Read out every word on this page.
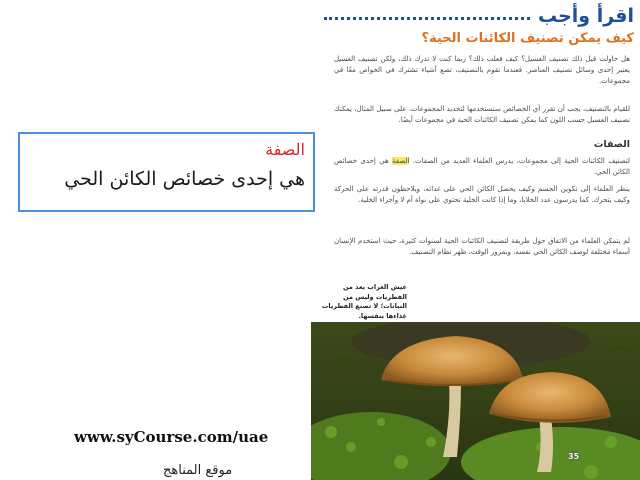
اقرأ وأجب
كيف يمكن تصنيف الكائنات الحية؟
هل حاولت قبل ذلك تصنيف الغسيل؟ كيف فعلت ذلك؟ ربما كنت لا تدرك ذلك، ولكن تصنيف الغسيل يعتبر إحدى وسائل تصنيف العناصر. فعندما تقوم بالتصنيف، تضع أشياء تشترك في الخواص معًا في مجموعات.
للقيام بالتصنيف، يجب أن تقرر أي الخصائص ستستخدمها لتحديد المجموعات. على سبيل المثال، يمكنك تصنيف الغسيل حسب اللون كما يمكن تصنيف الكائنات الحية في مجموعات أيضًا.
الصفات
لتصنيف الكائنات الحية إلى مجموعات، يدرس العلماء العديد من الصفات. الصفة هي إحدى خصائص الكائن الحي.
ينظر العلماء إلى تكوين الجسم وكيف يحصل الكائن الحي على غذائه، ويلاحظون قدرته على الحركة وكيف يتحرك. كما يدرسون عدد الخلايا، وما إذا كانت الخلية تحتوي على نواة أم لا وأجزاء الخلية.
لم يتمكن العلماء من الاتفاق حول طريقة لتصنيف الكائنات الحية لسنوات كثيرة، حيث استخدم الإنسان أسماء مختلفة لوصف الكائن الحي نفسه، وبمرور الوقت، ظهر نظام التصنيف.
عيش الغراب يعد من الفطريات وليس من النباتات؛ لا تصنع الفطريات غذاءها بنفسها.
35
الصفة
هي إحدى خصائص الكائن الحي
www.syCourse.com/uae
موقع المناهج
